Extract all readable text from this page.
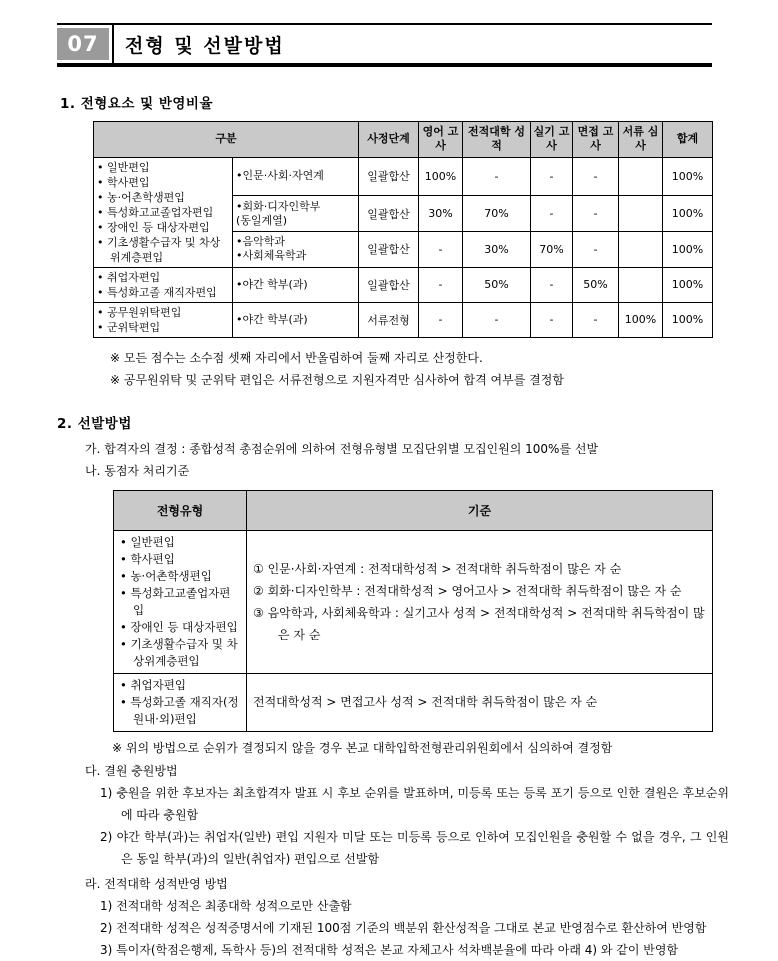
07	전형 및 선발방법
1. 전형요소 및 반영비율
구분		사정단계	영어 고사	전적대학 성적	실기 고사	면접 고사	서류 심사	합계

• 일반편입
• 학사편입
• 농·어촌학생편입
• 특성화고교졸업자편입
• 장애인 등 대상자편입
• 기초생활수급자 및 차상위계층편입

•인문·사회·자연계	일괄합산	100%	-	-	-		100%

	•회화·디자인학부
(동일계열)	일괄합산	30%	70%	-	-		100%

	•음악학과
•사회체육학과	일괄합산	-	30%	70%	-		100%

• 취업자편입
• 특성화고졸 재직자편입	•야간 학부(과)	일괄합산	-	50%	-	50%		100%

• 공무원위탁편입
• 군위탁편입	•야간 학부(과)	서류전형	-	-	-	-	100%	100%
※ 모든 점수는 소수점 셋째 자리에서 반올림하여 둘째 자리로 산정한다.
※ 공무원위탁 및 군위탁 편입은 서류전형으로 지원자격만 심사하여 합격 여부를 결정함
2. 선발방법
가. 합격자의 결정 : 종합성적 총점순위에 의하여 전형유형별 모집단위별 모집인원의 100%를 선발
나. 동점자 처리기준
전형유형	기준

• 일반편입
• 학사편입
• 농·어촌학생편입
• 특성화고교졸업자편입
• 장애인 등 대상자편입
• 기초생활수급자 및 차상위계층편입

① 인문·사회·자연계 : 전적대학성적 > 전적대학 취득학점이 많은 자 순
② 회화·디자인학부 : 전적대학성적 > 영어고사 > 전적대학 취득학점이 많은 자 순
③ 음악학과, 사회체육학과 : 실기고사 성적 > 전적대학성적 > 전적대학 취득학점이 많은 자 순

• 취업자편입
• 특성화고졸 재직자(정원내·외)편입	전적대학성적 > 면접고사 성적 > 전적대학 취득학점이 많은 자 순
※ 위의 방법으로 순위가 결정되지 않을 경우 본교 대학입학전형관리위원회에서 심의하여 결정함
다. 결원 충원방법
1) 충원을 위한 후보자는 최초합격자 발표 시 후보 순위를 발표하며, 미등록 또는 등록 포기 등으로 인한 결원은 후보순위에 따라 충원함
2) 야간 학부(과)는 취업자(일반) 편입 지원자 미달 또는 미등록 등으로 인하여 모집인원을 충원할 수 없을 경우, 그 인원은 동일 학부(과)의 일반(취업자) 편입으로 선발함
라. 전적대학 성적반영 방법
1) 전적대학 성적은 최종대학 성적으로만 산출함
2) 전적대학 성적은 성적증명서에 기재된 100점 기준의 백분위 환산성적을 그대로 본교 반영점수로 환산하여 반영함
3) 특이자(학점은행제, 독학사 등)의 전적대학 성적은 본교 자체고사 석차백분율에 따라 아래 4) 와 같이 반영함
